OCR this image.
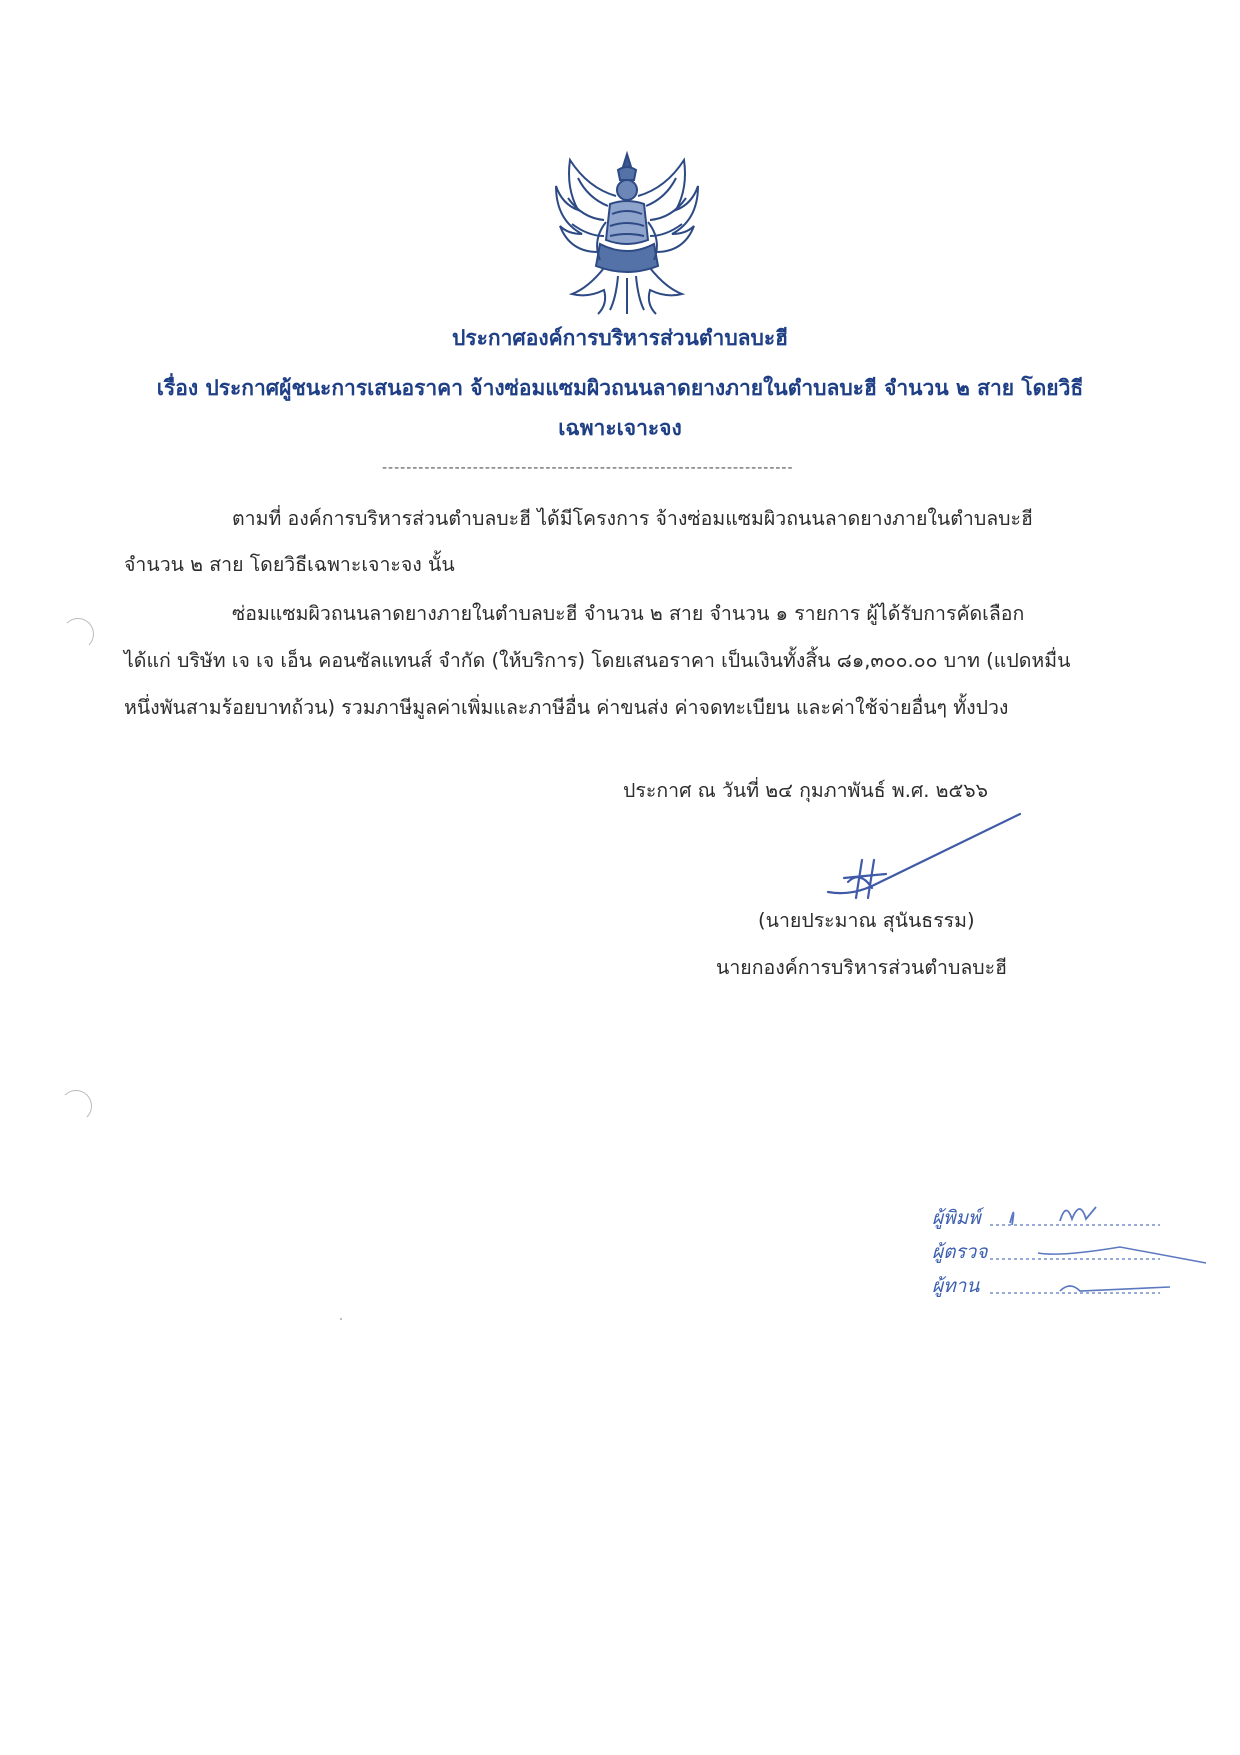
ประกาศองค์การบริหารส่วนตำบลบะฮี
เรื่อง ประกาศผู้ชนะการเสนอราคา จ้างซ่อมแซมผิวถนนลาดยางภายในตำบลบะฮี จำนวน ๒ สาย โดยวิธี
เฉพาะเจาะจง
--------------------------------------------------------------------
ตามที่ องค์การบริหารส่วนตำบลบะฮี ได้มีโครงการ จ้างซ่อมแซมผิวถนนลาดยางภายในตำบลบะฮี
จำนวน ๒ สาย โดยวิธีเฉพาะเจาะจง นั้น
ซ่อมแซมผิวถนนลาดยางภายในตำบลบะฮี จำนวน ๒ สาย จำนวน ๑ รายการ ผู้ได้รับการคัดเลือก
ได้แก่ บริษัท เจ เจ เอ็น คอนซัลแทนส์ จำกัด (ให้บริการ) โดยเสนอราคา เป็นเงินทั้งสิ้น ๘๑,๓๐๐.๐๐ บาท (แปดหมื่น
หนึ่งพันสามร้อยบาทถ้วน) รวมภาษีมูลค่าเพิ่มและภาษีอื่น ค่าขนส่ง ค่าจดทะเบียน และค่าใช้จ่ายอื่นๆ ทั้งปวง
ประกาศ ณ วันที่ ๒๔ กุมภาพันธ์ พ.ศ. ๒๕๖๖
(นายประมาณ สุนันธรรม)
นายกองค์การบริหารส่วนตำบลบะฮี
ผู้พิมพ์
ผู้ตรวจ
ผู้ทาน
